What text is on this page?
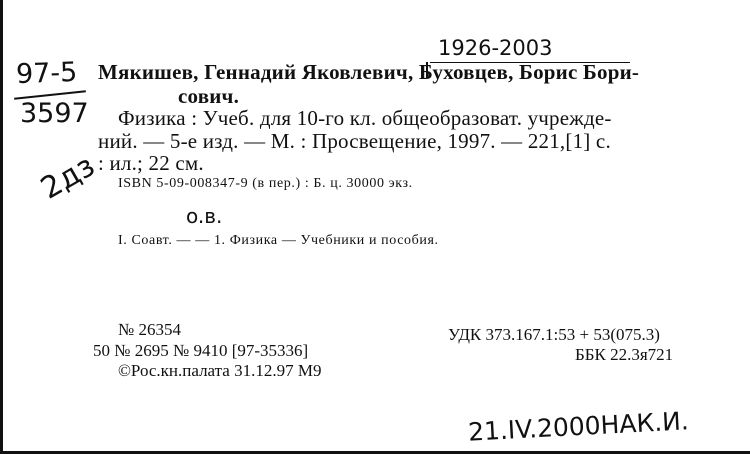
97-5
3597
1926-2003
2дз
Мякишев, Геннадий Яковлевич, Буховцев, Борис Бори-
сович.
Физика : Учеб. для 10-го кл. общеобразоват. учрежде-
ний. — 5-е изд. — М. : Просвещение, 1997. — 221,[1] с.
: ил.; 22 см.
ISBN 5-09-008347-9 (в пер.) : Б. ц. 30000 экз.
o.в.
I. Соавт. — — 1. Физика — Учебники и пособия.
№ 26354
50 № 2695 № 9410 [97-35336]
©Рос.кн.палата 31.12.97 M9
УДК 373.167.1:53 + 53(075.3)
ББК 22.3я721
21.IV.2000НАК.И.
